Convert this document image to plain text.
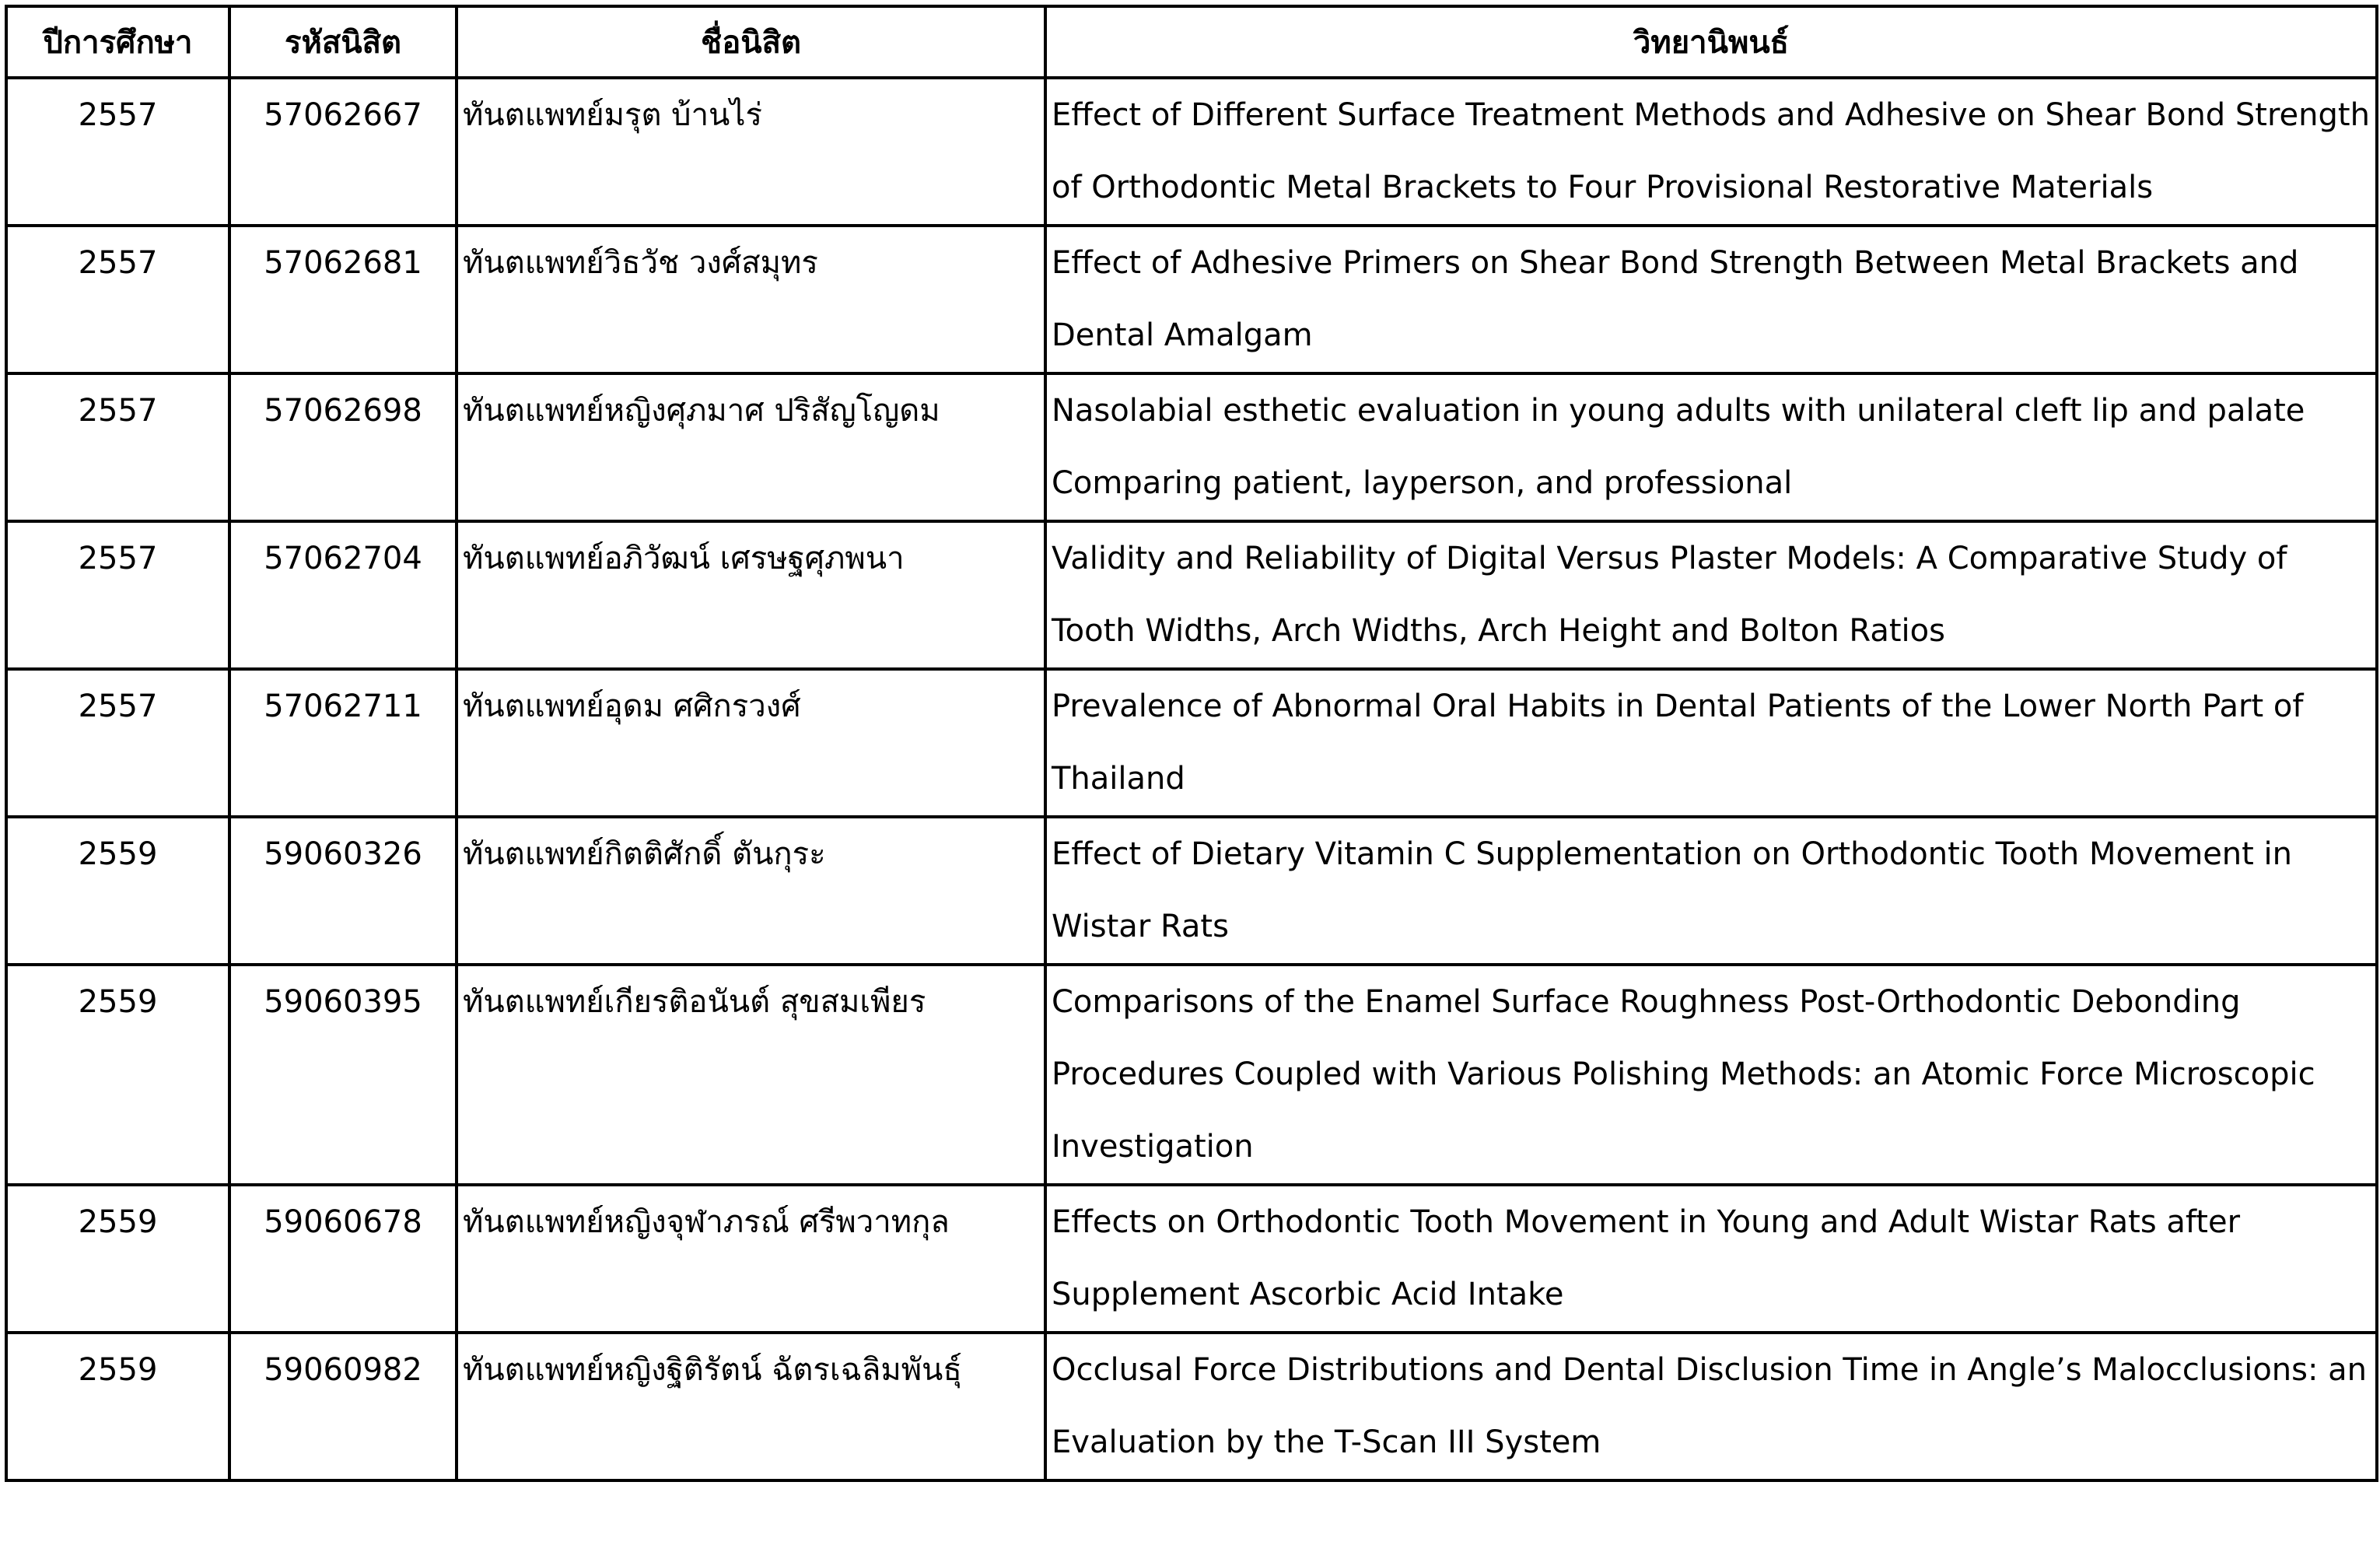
ปีการศึกษา	รหัสนิสิต	ชื่อนิสิต	วิทยานิพนธ์
2557	57062667	ทันตแพทย์มรุต บ้านไร่	Effect of Different Surface Treatment Methods and Adhesive on Shear Bond Strength of Orthodontic Metal Brackets to Four Provisional Restorative Materials
2557	57062681	ทันตแพทย์วิธวัช วงศ์สมุทร	Effect of Adhesive Primers on Shear Bond Strength Between Metal Brackets and Dental Amalgam
2557	57062698	ทันตแพทย์หญิงศุภมาศ ปริสัญโญดม	Nasolabial esthetic evaluation in young adults with unilateral cleft lip and palate Comparing patient, layperson, and professional
2557	57062704	ทันตแพทย์อภิวัฒน์ เศรษฐศุภพนา	Validity and Reliability of Digital Versus Plaster Models: A Comparative Study of Tooth Widths, Arch Widths, Arch Height and Bolton Ratios
2557	57062711	ทันตแพทย์อุดม ศศิกรวงศ์	Prevalence of Abnormal Oral Habits in Dental Patients of the Lower North Part of Thailand
2559	59060326	ทันตแพทย์กิตติศักดิ์ ตันกุระ	Effect of Dietary Vitamin C Supplementation on Orthodontic Tooth Movement in Wistar Rats
2559	59060395	ทันตแพทย์เกียรติอนันต์ สุขสมเพียร	Comparisons of the Enamel Surface Roughness Post-Orthodontic Debonding Procedures Coupled with Various Polishing Methods: an Atomic Force Microscopic Investigation
2559	59060678	ทันตแพทย์หญิงจุฬาภรณ์ ศรีพวาทกุล	Effects on Orthodontic Tooth Movement in Young and Adult Wistar Rats after Supplement Ascorbic Acid Intake
2559	59060982	ทันตแพทย์หญิงฐิติรัตน์ ฉัตรเฉลิมพันธุ์	Occlusal Force Distributions and Dental Disclusion Time in Angle’s Malocclusions: an Evaluation by the T-Scan III System
